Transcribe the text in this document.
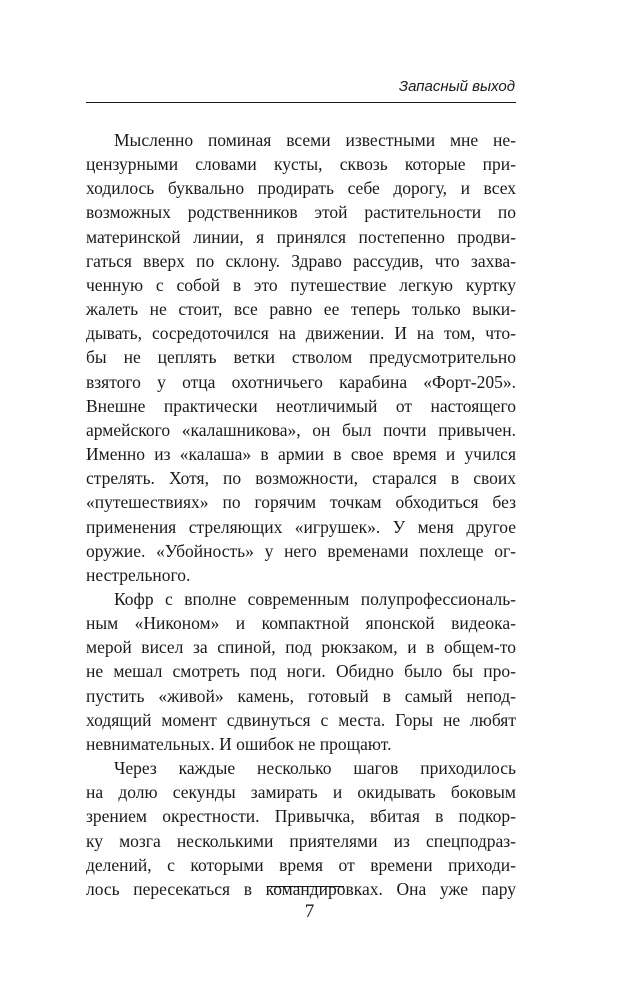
Запасный выход

Мысленно поминая всеми известными мне не-
цензурными словами кусты, сквозь которые при-
ходилось буквально продирать себе дорогу, и всех
возможных родственников этой растительности по
материнской линии, я принялся постепенно продви-
гаться вверх по склону. Здраво рассудив, что захва-
ченную с собой в это путешествие легкую куртку
жалеть не стоит, все равно ее теперь только выки-
дывать, сосредоточился на движении. И на том, что-
бы не цеплять ветки стволом предусмотрительно
взятого у отца охотничьего карабина «Форт-205».
Внешне практически неотличимый от настоящего
армейского «калашникова», он был почти привычен.
Именно из «калаша» в армии в свое время и учился
стрелять. Хотя, по возможности, старался в своих
«путешествиях» по горячим точкам обходиться без
применения стреляющих «игрушек». У меня другое
оружие. «Убойность» у него временами похлеще ог-
нестрельного.

Кофр с вполне современным полупрофессиональ-
ным «Никоном» и компактной японской видеока-
мерой висел за спиной, под рюкзаком, и в общем-то
не мешал смотреть под ноги. Обидно было бы про-
пустить «живой» камень, готовый в самый непод-
ходящий момент сдвинуться с места. Горы не любят
невнимательных. И ошибок не прощают.

Через каждые несколько шагов приходилось
на долю секунды замирать и окидывать боковым
зрением окрестности. Привычка, вбитая в подкор-
ку мозга несколькими приятелями из спецподраз-
делений, с которыми время от времени приходи-
лось пересекаться в командировках. Она уже пару

7
